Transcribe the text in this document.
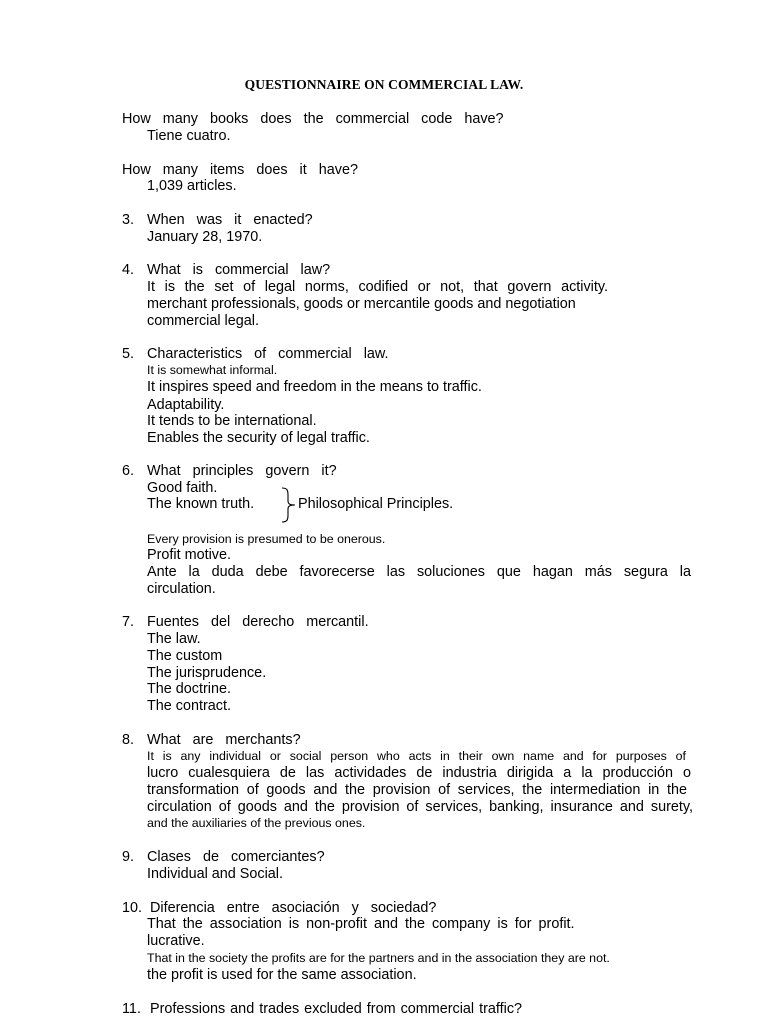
QUESTIONNAIRE ON COMMERCIAL LAW.
How many books does the commercial code have?
Tiene cuatro.
How many items does it have?
1,039 articles.
3. When was it enacted?
January 28, 1970.
4. What is commercial law?
It is the set of legal norms, codified or not, that govern activity.
merchant professionals, goods or mercantile goods and negotiation
commercial legal.
5. Characteristics of commercial law.
It is somewhat informal.
It inspires speed and freedom in the means to traffic.
Adaptability.
It tends to be international.
Enables the security of legal traffic.
6. What principles govern it?
Good faith.
The known truth.	Philosophical Principles.
Every provision is presumed to be onerous.
Profit motive.
Ante la duda debe favorecerse las soluciones que hagan más segura la
circulation.
7. Fuentes del derecho mercantil.
The law.
The custom
The jurisprudence.
The doctrine.
The contract.
8. What are merchants?
It is any individual or social person who acts in their own name and for purposes of
lucro cualesquiera de las actividades de industria dirigida a la producción o
transformation of goods and the provision of services, the intermediation in the
circulation of goods and the provision of services, banking, insurance and surety,
and the auxiliaries of the previous ones.
9. Clases de comerciantes?
Individual and Social.
10. Diferencia entre asociación y sociedad?
That the association is non-profit and the company is for profit.
lucrative.
That in the society the profits are for the partners and in the association they are not.
the profit is used for the same association.
11. Professions and trades excluded from commercial traffic?
